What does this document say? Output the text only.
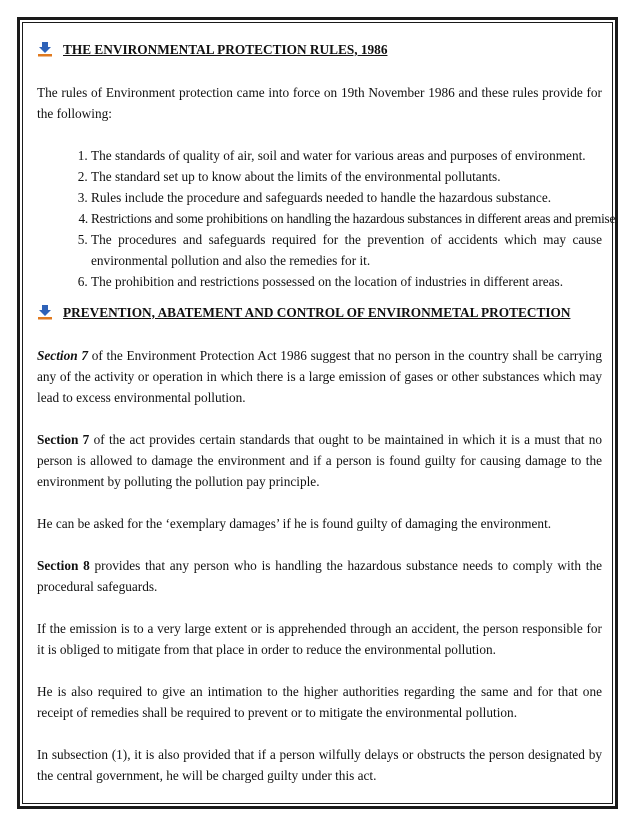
THE ENVIRONMENTAL PROTECTION RULES, 1986

The rules of Environment protection came into force on 19th November 1986 and these rules provide for the following:

1. The standards of quality of air, soil and water for various areas and purposes of environment.
2. The standard set up to know about the limits of the environmental pollutants.
3. Rules include the procedure and safeguards needed to handle the hazardous substance.
4. Restrictions and some prohibitions on handling the hazardous substances in different areas and premise
5. The procedures and safeguards required for the prevention of accidents which may cause environmental pollution and also the remedies for it.
6. The prohibition and restrictions possessed on the location of industries in different areas.
PREVENTION, ABATEMENT AND CONTROL OF ENVIRONMETAL PROTECTION

Section 7 of the Environment Protection Act 1986 suggest that no person in the country shall be carrying any of the activity or operation in which there is a large emission of gases or other substances which may lead to excess environmental pollution.

Section 7 of the act provides certain standards that ought to be maintained in which it is a must that no person is allowed to damage the environment and if a person is found guilty for causing damage to the environment by polluting the pollution pay principle.

He can be asked for the ‘exemplary damages’ if he is found guilty of damaging the environment.

Section 8 provides that any person who is handling the hazardous substance needs to comply with the procedural safeguards.

If the emission is to a very large extent or is apprehended through an accident, the person responsible for it is obliged to mitigate from that place in order to reduce the environmental pollution.

He is also required to give an intimation to the higher authorities regarding the same and for that one receipt of remedies shall be required to prevent or to mitigate the environmental pollution.

In subsection (1), it is also provided that if a person wilfully delays or obstructs the person designated by the central government, he will be charged guilty under this act.
